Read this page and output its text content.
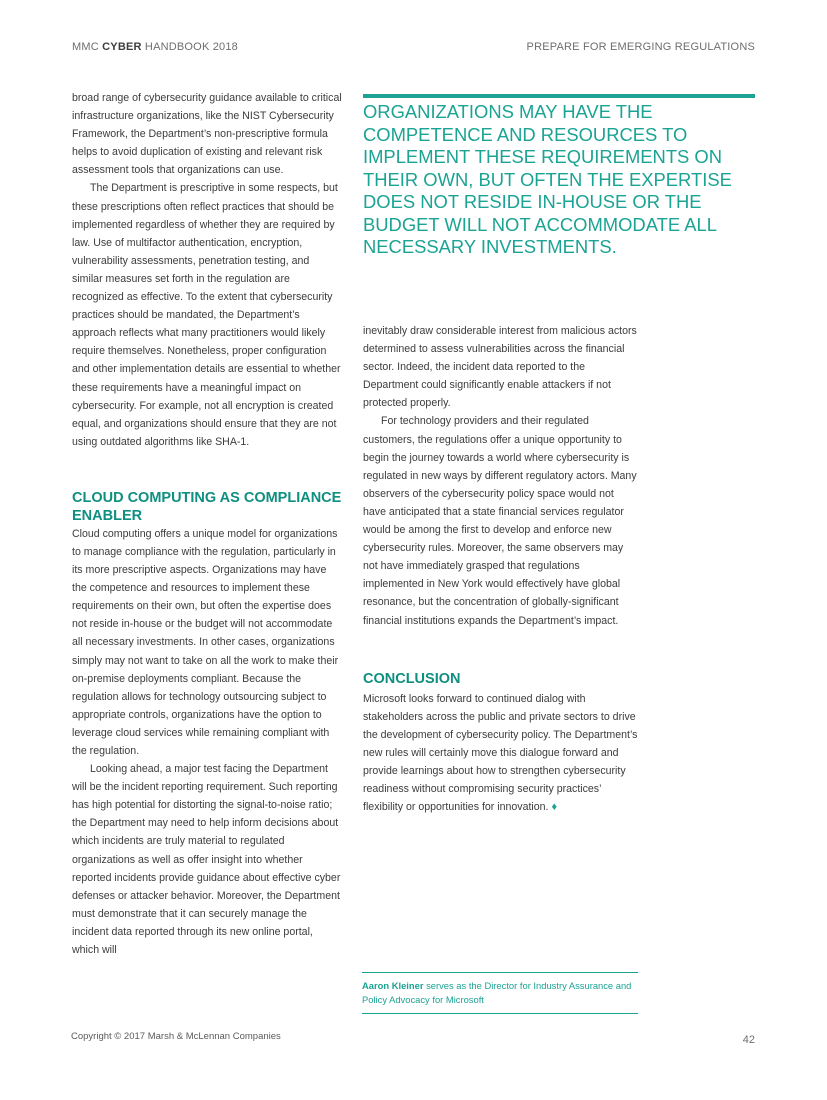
MMC CYBER HANDBOOK 2018	PREPARE FOR EMERGING REGULATIONS

broad range of cybersecurity guidance available to critical infrastructure organizations, like the NIST Cybersecurity Framework, the Department’s non-prescriptive formula helps to avoid duplication of existing and relevant risk assessment tools that organizations can use.

The Department is prescriptive in some respects, but these prescriptions often reflect practices that should be implemented regardless of whether they are required by law. Use of multifactor authentication, encryption, vulnerability assessments, penetration testing, and similar measures set forth in the regulation are recognized as effective. To the extent that cybersecurity practices should be mandated, the Department’s approach reflects what many practitioners would likely require themselves. Nonetheless, proper configuration and other implementation details are essential to whether these requirements have a meaningful impact on cybersecurity. For example, not all encryption is created equal, and organizations should ensure that they are not using outdated algorithms like SHA-1.

CLOUD COMPUTING AS COMPLIANCE ENABLER

Cloud computing offers a unique model for organizations to manage compliance with the regulation, particularly in its more prescriptive aspects. Organizations may have the competence and resources to implement these requirements on their own, but often the expertise does not reside in-house or the budget will not accommodate all necessary investments. In other cases, organizations simply may not want to take on all the work to make their on-premise deployments compliant. Because the regulation allows for technology outsourcing subject to appropriate controls, organizations have the option to leverage cloud services while remaining compliant with the regulation.

Looking ahead, a major test facing the Department will be the incident reporting requirement. Such reporting has high potential for distorting the signal-to-noise ratio; the Department may need to help inform decisions about which incidents are truly material to regulated organizations as well as offer insight into whether reported incidents provide guidance about effective cyber defenses or attacker behavior. Moreover, the Department must demonstrate that it can securely manage the incident data reported through its new online portal, which will

ORGANIZATIONS MAY HAVE THE COMPETENCE AND RESOURCES TO IMPLEMENT THESE REQUIREMENTS ON THEIR OWN, BUT OFTEN THE EXPERTISE DOES NOT RESIDE IN-HOUSE OR THE BUDGET WILL NOT ACCOMMODATE ALL NECESSARY INVESTMENTS.

inevitably draw considerable interest from malicious actors determined to assess vulnerabilities across the financial sector. Indeed, the incident data reported to the Department could significantly enable attackers if not protected properly.

For technology providers and their regulated customers, the regulations offer a unique opportunity to begin the journey towards a world where cybersecurity is regulated in new ways by different regulatory actors. Many observers of the cybersecurity policy space would not have anticipated that a state financial services regulator would be among the first to develop and enforce new cybersecurity rules. Moreover, the same observers may not have immediately grasped that regulations implemented in New York would effectively have global resonance, but the concentration of globally-significant financial institutions expands the Department’s impact.

CONCLUSION

Microsoft looks forward to continued dialog with stakeholders across the public and private sectors to drive the development of cybersecurity policy. The Department’s new rules will certainly move this dialogue forward and provide learnings about how to strengthen cybersecurity readiness without compromising security practices’ flexibility or opportunities for innovation. ♦

Aaron Kleiner serves as the Director for Industry Assurance and Policy Advocacy for Microsoft
Copyright © 2017 Marsh & McLennan Companies	42
